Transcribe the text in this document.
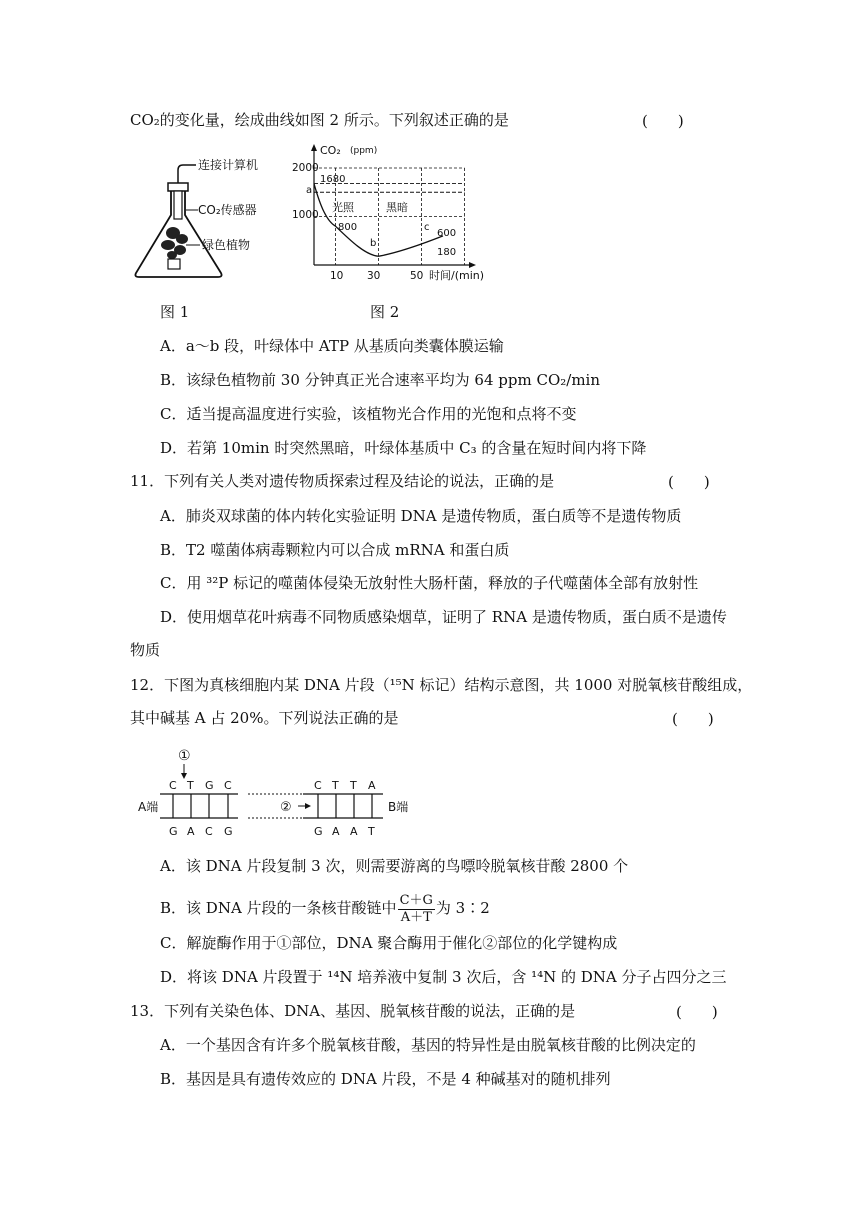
CO₂的变化量，绘成曲线如图 2 所示。下列叙述正确的是	(　　)
连接计算机
CO₂传感器
绿色植物
CO₂ (ppm)
2000
1000
10 30	50 时间/(min)
1680
a
800
b
c
600
180
光照	黑暗
图 1	图 2
A．a～b 段，叶绿体中 ATP 从基质向类囊体膜运输
B．该绿色植物前 30 分钟真正光合速率平均为 64 ppm CO₂/min
C．适当提高温度进行实验，该植物光合作用的光饱和点将不变
D．若第 10min 时突然黑暗，叶绿体基质中 C₃ 的含量在短时间内将下降
11．下列有关人类对遗传物质探索过程及结论的说法，正确的是	(　　)
A．肺炎双球菌的体内转化实验证明 DNA 是遗传物质，蛋白质等不是遗传物质
B．T2 噬菌体病毒颗粒内可以合成 mRNA 和蛋白质
C．用 ³²P 标记的噬菌体侵染无放射性大肠杆菌，释放的子代噬菌体全部有放射性
D．使用烟草花叶病毒不同物质感染烟草，证明了 RNA 是遗传物质，蛋白质不是遗传
物质
12．下图为真核细胞内某 DNA 片段（¹⁵N 标记）结构示意图，共 1000 对脱氧核苷酸组成，
其中碱基 A 占 20%。下列说法正确的是	(　　)
①
C T G C	C T T A
G A C G	G A A T
A端	B端
②
A．该 DNA 片段复制 3 次，则需要游离的鸟嘌呤脱氧核苷酸 2800 个
B．该 DNA 片段的一条核苷酸链中 $\frac{C+G}{A+T}$ 为 3∶2
C．解旋酶作用于①部位，DNA 聚合酶用于催化②部位的化学键构成
D．将该 DNA 片段置于 ¹⁴N 培养液中复制 3 次后，含 ¹⁴N 的 DNA 分子占四分之三
13．下列有关染色体、DNA、基因、脱氧核苷酸的说法，正确的是	(　　)
A．一个基因含有许多个脱氧核苷酸，基因的特异性是由脱氧核苷酸的比例决定的
B．基因是具有遗传效应的 DNA 片段，不是 4 种碱基对的随机排列
